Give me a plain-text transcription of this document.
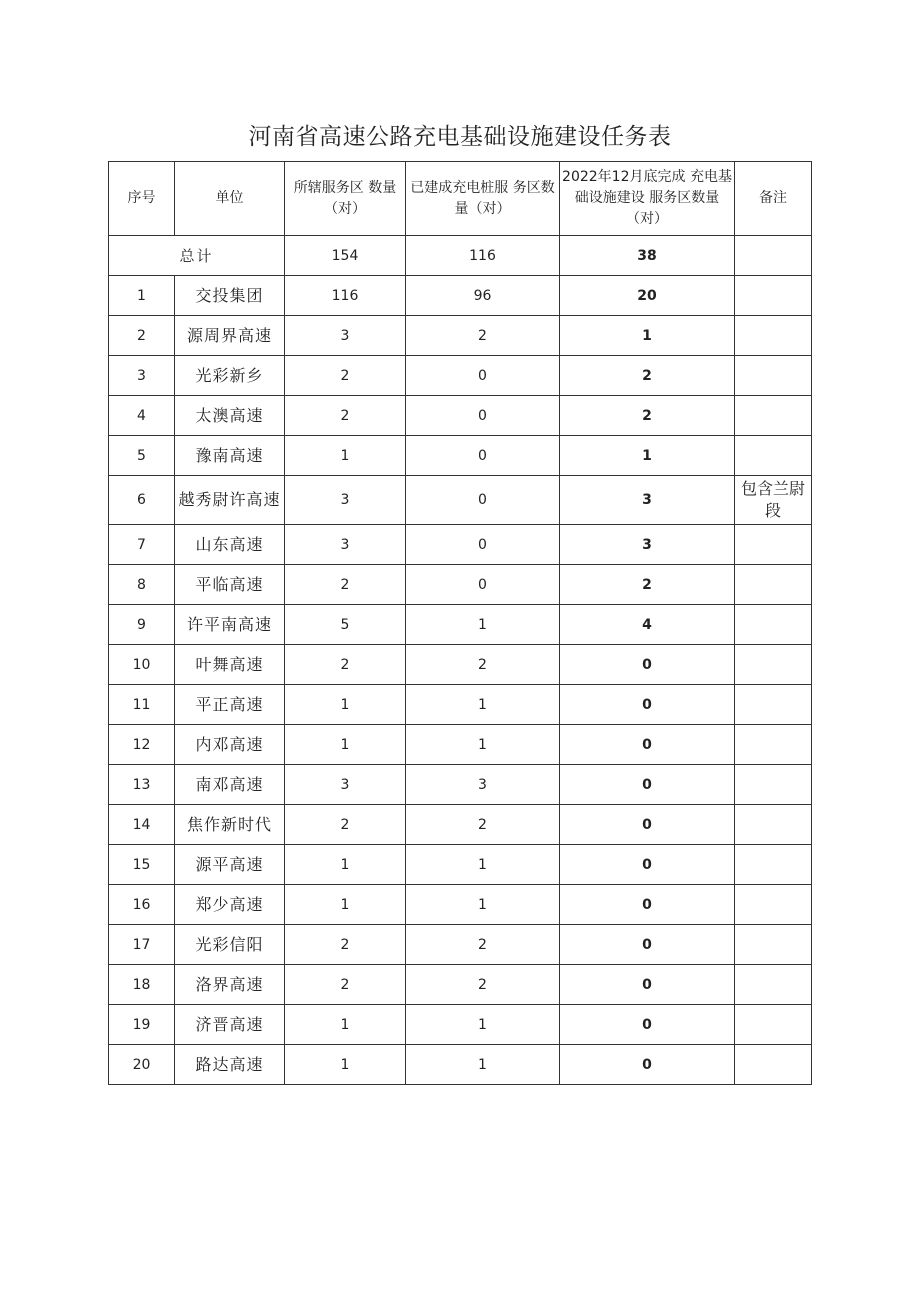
河南省高速公路充电基础设施建设任务表
序号	单位	所辖服务区 数量（对）	已建成充电桩服 务区数量（对）	2022年12月底完成 充电基础设施建设 服务区数量（对）	备注
总计		154	116	38	
1	交投集团	116	96	20	
2	源周界高速	3	2	1	
3	光彩新乡	2	0	2	
4	太澳高速	2	0	2	
5	豫南高速	1	0	1	
6	越秀尉许高速	3	0	3	包含兰尉段
7	山东高速	3	0	3	
8	平临高速	2	0	2	
9	许平南高速	5	1	4	
10	叶舞高速	2	2	0	
11	平正高速	1	1	0	
12	内邓高速	1	1	0	
13	南邓高速	3	3	0	
14	焦作新时代	2	2	0	
15	源平高速	1	1	0	
16	郑少高速	1	1	0	
17	光彩信阳	2	2	0	
18	洛界高速	2	2	0	
19	济晋高速	1	1	0	
20	路达高速	1	1	0	
